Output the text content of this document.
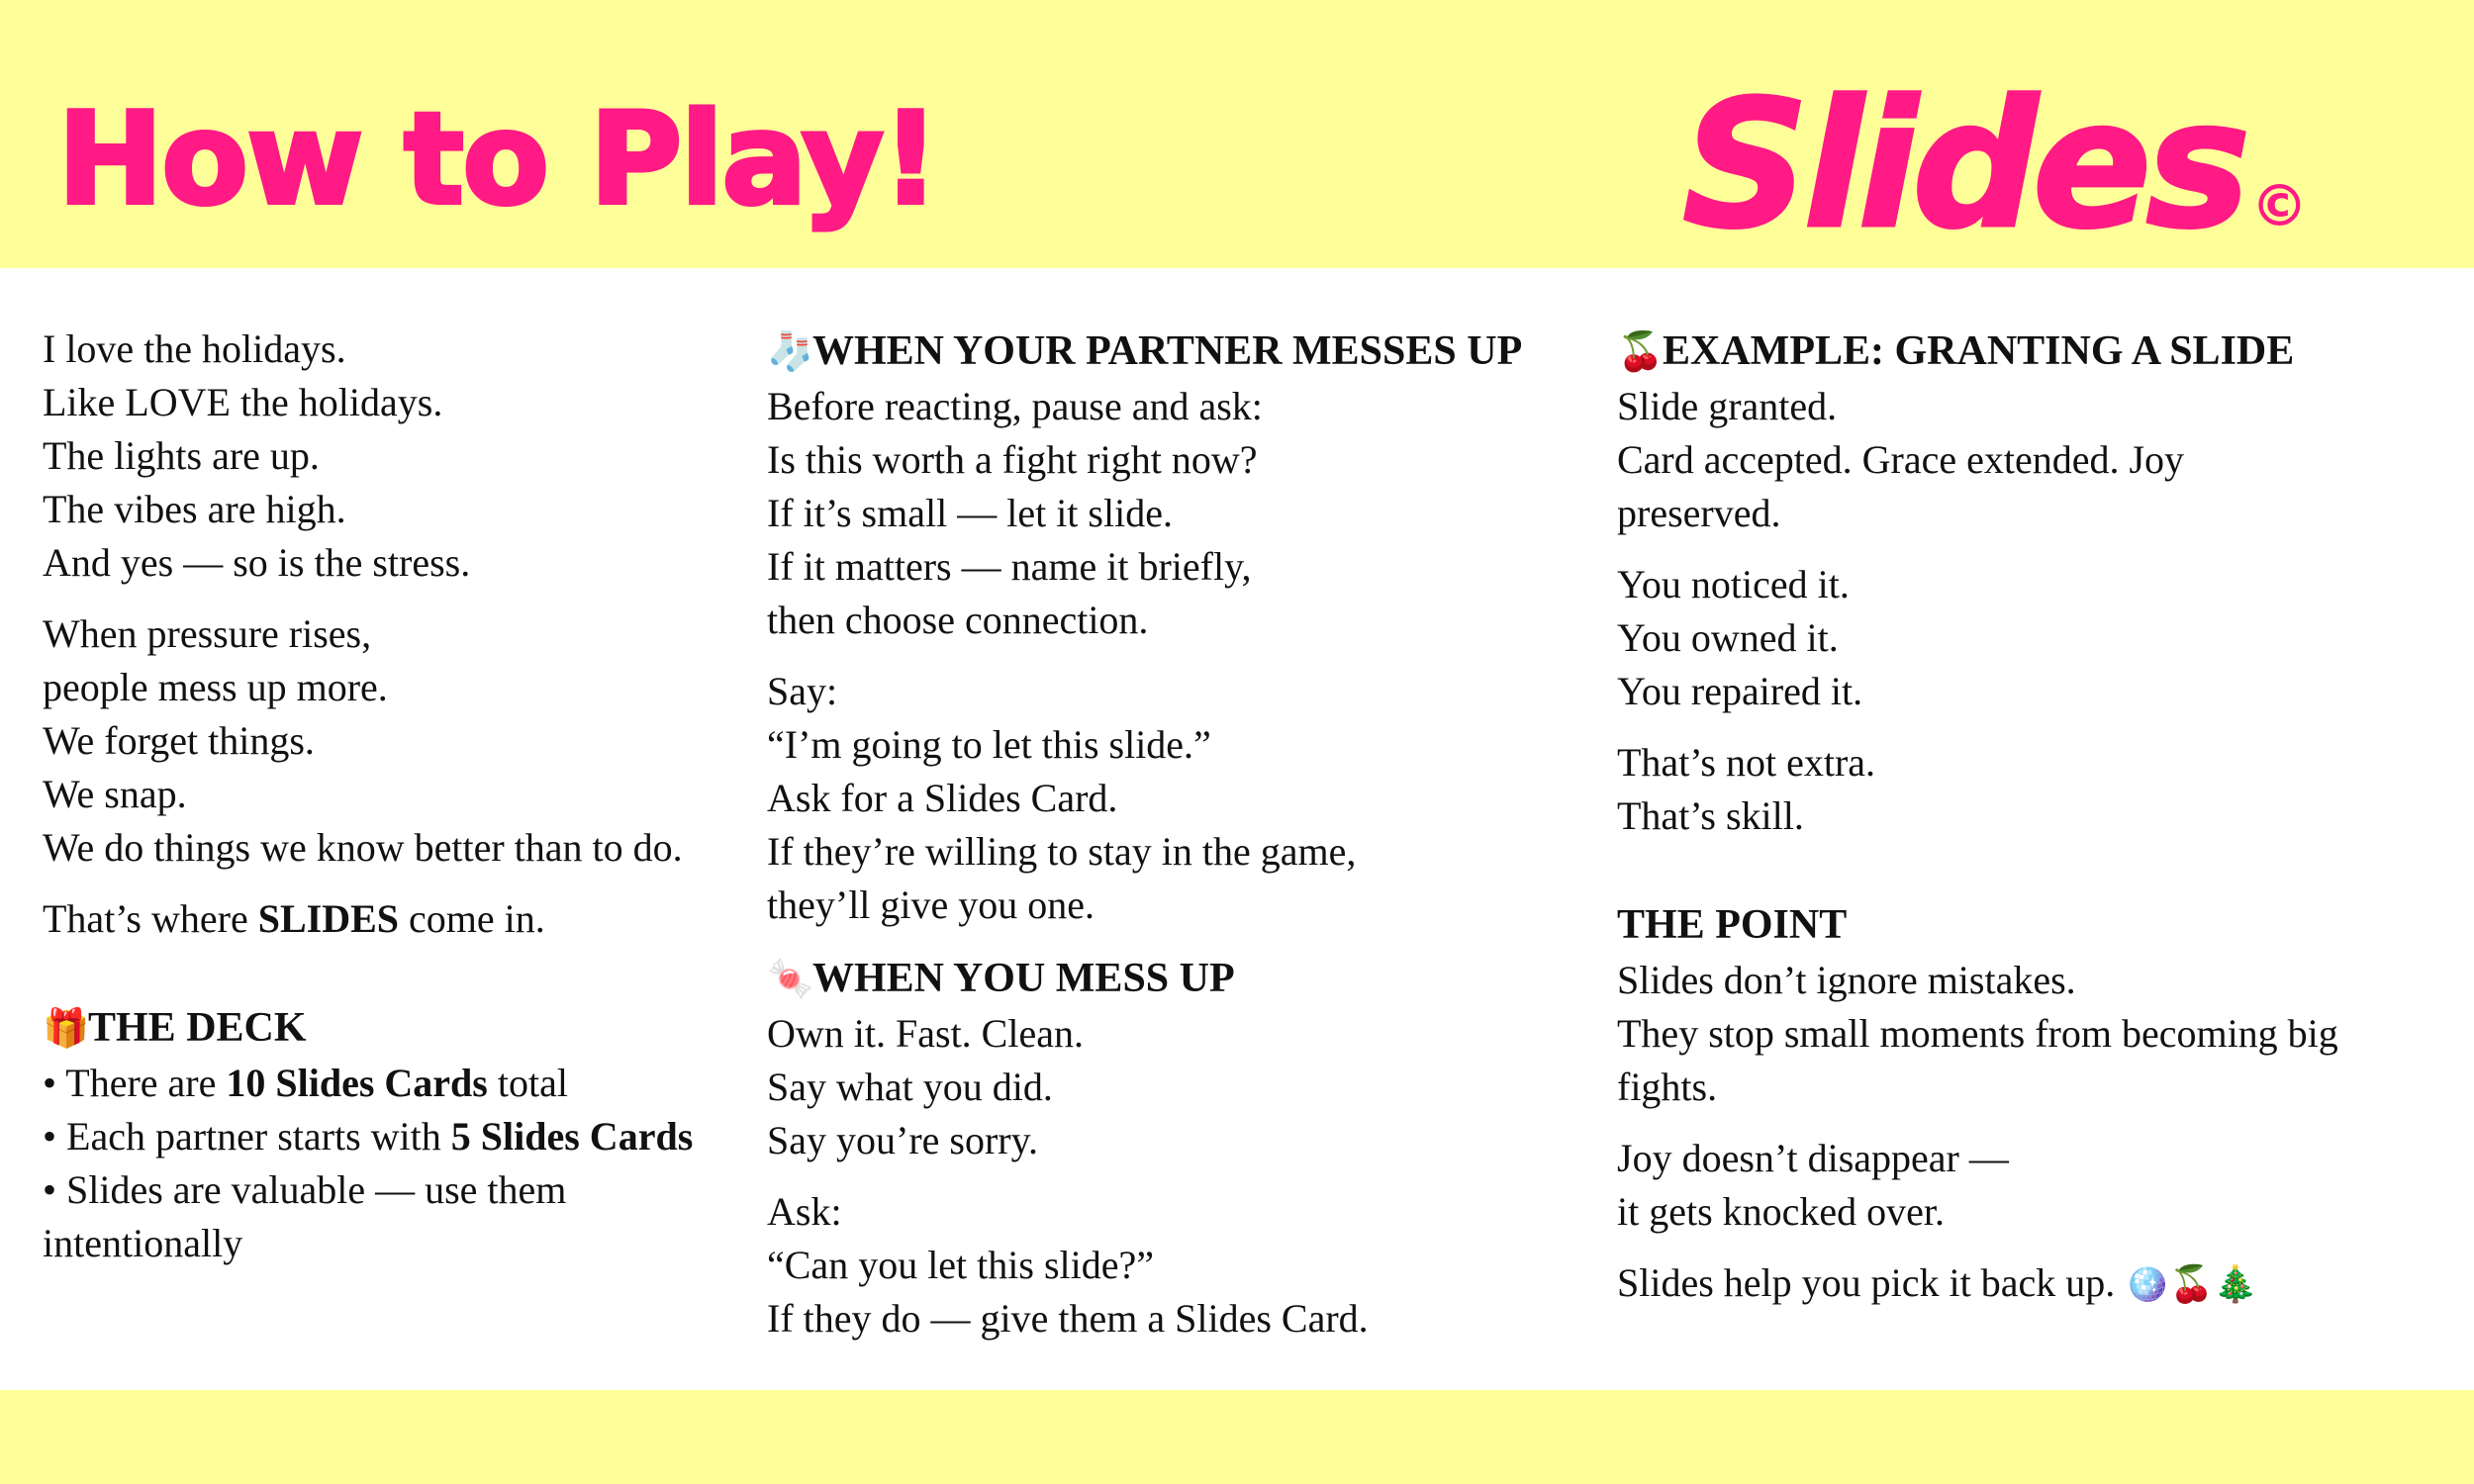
How to Play!	Slides ©

I love the holidays.
Like LOVE the holidays.
The lights are up.
The vibes are high.
And yes — so is the stress.

When pressure rises,
people mess up more.
We forget things.
We snap.
We do things we know better than to do.

That’s where SLIDES come in.

🎁THE DECK
• There are 10 Slides Cards total
• Each partner starts with 5 Slides Cards
• Slides are valuable — use them intentionally
🧦WHEN YOUR PARTNER MESSES UP

Before reacting, pause and ask:
Is this worth a fight right now?
If it’s small — let it slide.
If it matters — name it briefly,
then choose connection.

Say:
“I’m going to let this slide.”
Ask for a Slides Card.
If they’re willing to stay in the game,
they’ll give you one.

🍬WHEN YOU MESS UP

Own it. Fast. Clean.
Say what you did.
Say you’re sorry.

Ask:
“Can you let this slide?”
If they do — give them a Slides Card.

🍒EXAMPLE: GRANTING A SLIDE

Slide granted.
Card accepted. Grace extended. Joy preserved.

You noticed it.
You owned it.
You repaired it.

That’s not extra.
That’s skill.

THE POINT

Slides don’t ignore mistakes.
They stop small moments from becoming big fights.

Joy doesn’t disappear —
it gets knocked over.

Slides help you pick it back up. 🪩🍒🎄
